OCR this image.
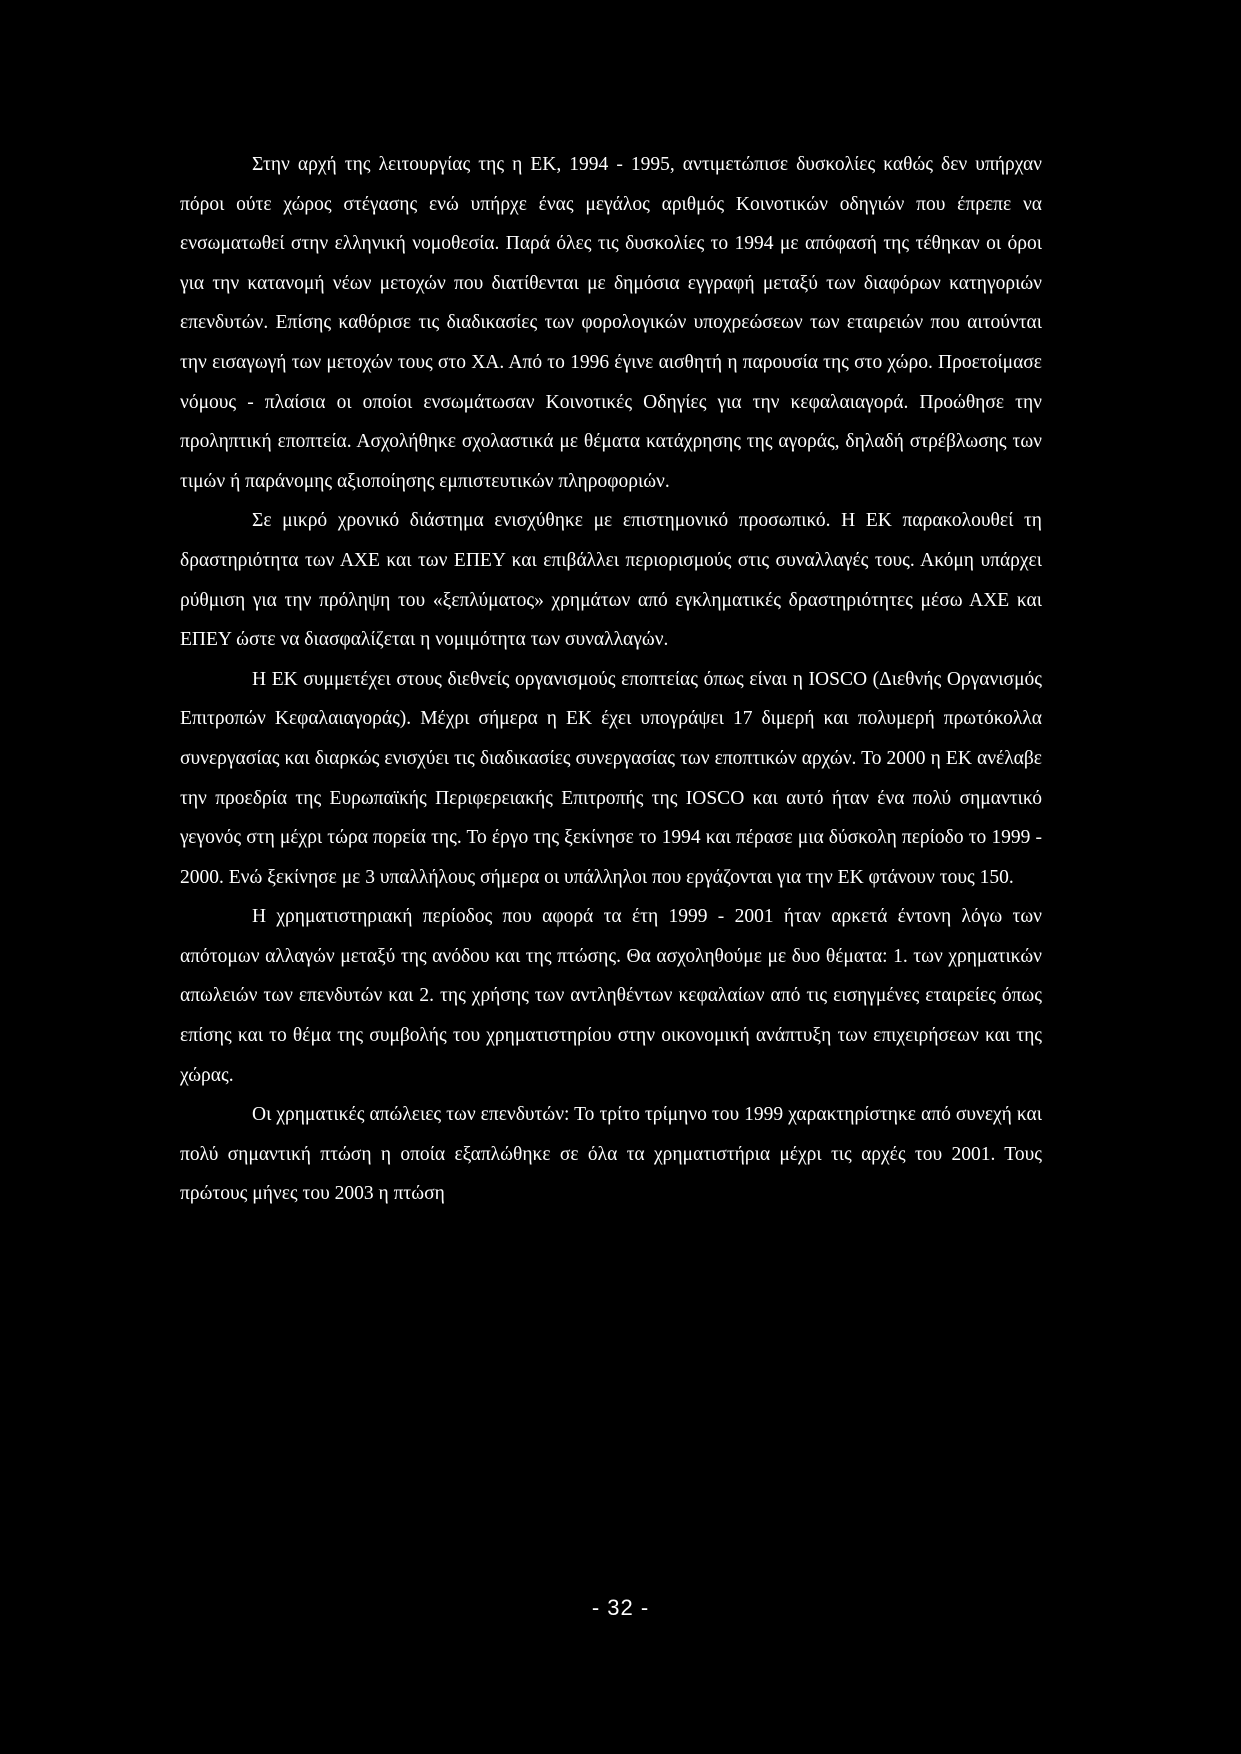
Στην αρχή της λειτουργίας της η ΕΚ, 1994 - 1995, αντιμετώπισε δυσκολίες καθώς δεν υπήρχαν πόροι ούτε χώρος στέγασης ενώ υπήρχε ένας μεγάλος αριθμός Κοινοτικών οδηγιών που έπρεπε να ενσωματωθεί στην ελληνική νομοθεσία. Παρά όλες τις δυσκολίες το 1994 με απόφασή της τέθηκαν οι όροι για την κατανομή νέων μετοχών που διατίθενται με δημόσια εγγραφή μεταξύ των διαφόρων κατηγοριών επενδυτών. Επίσης καθόρισε τις διαδικασίες των φορολογικών υποχρεώσεων των εταιρειών που αιτούνται την εισαγωγή των μετοχών τους στο ΧΑ. Από το 1996 έγινε αισθητή η παρουσία της στο χώρο. Προετοίμασε νόμους - πλαίσια οι οποίοι ενσωμάτωσαν Κοινοτικές Οδηγίες για την κεφαλαιαγορά. Προώθησε την προληπτική εποπτεία. Ασχολήθηκε σχολαστικά με θέματα κατάχρησης της αγοράς, δηλαδή στρέβλωσης των τιμών ή παράνομης αξιοποίησης εμπιστευτικών πληροφοριών.

Σε μικρό χρονικό διάστημα ενισχύθηκε με επιστημονικό προσωπικό. Η ΕΚ παρακολουθεί τη δραστηριότητα των ΑΧΕ και των ΕΠΕΥ και επιβάλλει περιορισμούς στις συναλλαγές τους. Ακόμη υπάρχει ρύθμιση για την πρόληψη του «ξεπλύματος» χρημάτων από εγκληματικές δραστηριότητες μέσω ΑΧΕ και ΕΠΕΥ ώστε να διασφαλίζεται η νομιμότητα των συναλλαγών.

Η ΕΚ συμμετέχει στους διεθνείς οργανισμούς εποπτείας όπως είναι η IOSCO (Διεθνής Οργανισμός Επιτροπών Κεφαλαιαγοράς). Μέχρι σήμερα η ΕΚ έχει υπογράψει 17 διμερή και πολυμερή πρωτόκολλα συνεργασίας και διαρκώς ενισχύει τις διαδικασίες συνεργασίας των εποπτικών αρχών. Το 2000 η ΕΚ ανέλαβε την προεδρία της Ευρωπαϊκής Περιφερειακής Επιτροπής της IOSCO και αυτό ήταν ένα πολύ σημαντικό γεγονός στη μέχρι τώρα πορεία της. Το έργο της ξεκίνησε το 1994 και πέρασε μια δύσκολη περίοδο το 1999 - 2000. Ενώ ξεκίνησε με 3 υπαλλήλους σήμερα οι υπάλληλοι που εργάζονται για την ΕΚ φτάνουν τους 150.

Η χρηματιστηριακή περίοδος που αφορά τα έτη 1999 - 2001 ήταν αρκετά έντονη λόγω των απότομων αλλαγών μεταξύ της ανόδου και της πτώσης. Θα ασχοληθούμε με δυο θέματα: 1. των χρηματικών απωλειών των επενδυτών και 2. της χρήσης των αντληθέντων κεφαλαίων από τις εισηγμένες εταιρείες όπως επίσης και το θέμα της συμβολής του χρηματιστηρίου στην οικονομική ανάπτυξη των επιχειρήσεων και της χώρας.

Οι χρηματικές απώλειες των επενδυτών: Το τρίτο τρίμηνο του 1999 χαρακτηρίστηκε από συνεχή και πολύ σημαντική πτώση η οποία εξαπλώθηκε σε όλα τα χρηματιστήρια μέχρι τις αρχές του 2001. Τους πρώτους μήνες του 2003 η πτώση

- 32 -
